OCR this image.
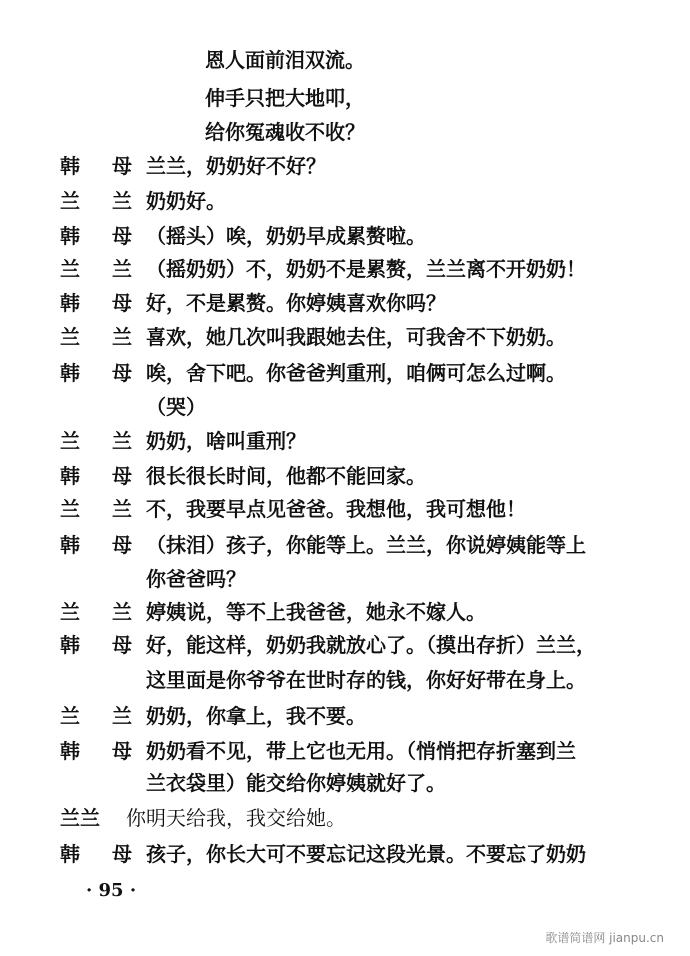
恩人面前泪双流。
伸手只把大地叩，
给你冤魂收不收？
韩　母 兰兰，奶奶好不好？
兰　兰 奶奶好。
韩　母 （摇头）唉，奶奶早成累赘啦。
兰　兰 （摇奶奶）不，奶奶不是累赘，兰兰离不开奶奶！
韩　母 好，不是累赘。你婷姨喜欢你吗？
兰　兰 喜欢，她几次叫我跟她去住，可我舍不下奶奶。
韩　母 唉，舍下吧。你爸爸判重刑，咱俩可怎么过啊。
（哭）
兰　兰 奶奶，啥叫重刑？
韩　母 很长很长时间，他都不能回家。
兰　兰 不，我要早点见爸爸。我想他，我可想他！
韩　母 （抹泪）孩子，你能等上。兰兰，你说婷姨能等上
你爸爸吗？
兰　兰 婷姨说，等不上我爸爸，她永不嫁人。
韩　母 好，能这样，奶奶我就放心了。（摸出存折）兰兰，
这里面是你爷爷在世时存的钱，你好好带在身上。
兰　兰 奶奶，你拿上，我不要。
韩　母 奶奶看不见，带上它也无用。（悄悄把存折塞到兰
兰衣袋里）能交给你婷姨就好了。
兰兰 你明天给我，我交给她。
韩　母 孩子，你长大可不要忘记这段光景。不要忘了奶奶
· 95 ·
歌谱简谱网 jianpu.cn
